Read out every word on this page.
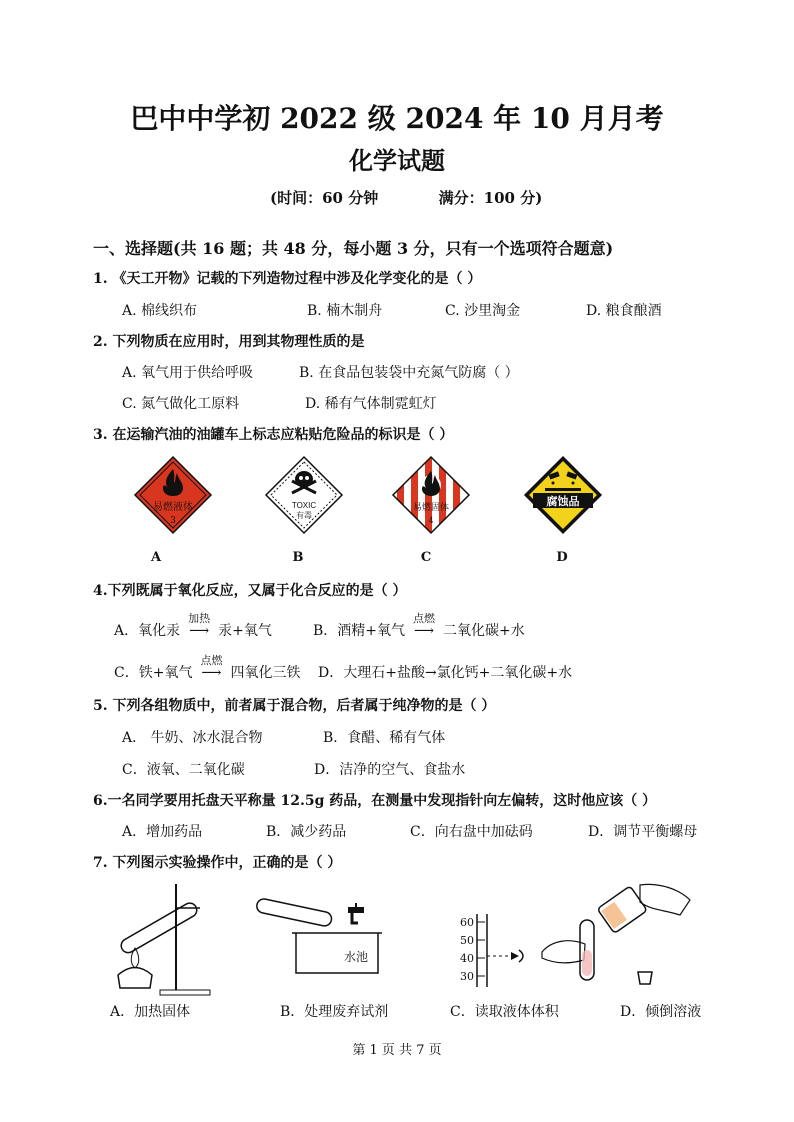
巴中中学初 2022 级 2024 年 10 月月考
化学试题
(时间：60 分钟	满分：100 分)
一、选择题(共 16 题；共 48 分，每小题 3 分，只有一个选项符合题意)
1. 《天工开物》记载的下列造物过程中涉及化学变化的是（ ）
A. 棉线织布	B. 楠木制舟	C. 沙里淘金	D. 粮食酿酒
2. 下列物质在应用时，用到其物理性质的是
A. 氧气用于供给呼吸	B. 在食品包装袋中充氮气防腐（ ）
C. 氮气做化工原料	D. 稀有气体制霓虹灯
3. 在运输汽油的油罐车上标志应粘贴危险品的标识是（ ）
易燃液体
3
TOXIC
有毒
易燃固体
4
腐蚀品
A	B	C	D
4.下列既属于氧化反应，又属于化合反应的是（ ）
A．氧化汞
加热
⟶ 汞+氧气	B．酒精+氧气
点燃
⟶ 二氧化碳+水
C．铁+氧气
点燃
⟶ 四氧化三铁 D．大理石+盐酸→氯化钙+二氧化碳+水
5. 下列各组物质中，前者属于混合物，后者属于纯净物的是（ ）
A． 牛奶、冰水混合物	B．食醋、稀有气体
C．液氧、二氧化碳	D．洁净的空气、食盐水
6.一名同学要用托盘天平称量 12.5g 药品，在测量中发现指针向左偏转，这时他应该（ ）
A．增加药品	B．减少药品	C．向右盘中加砝码	D．调节平衡螺母
7. 下列图示实验操作中，正确的是（ ）
水池
60
50
40
30
A．加热固体	B．处理废弃试剂	C．读取液体体积	D．倾倒溶液
第 1 页 共 7 页
